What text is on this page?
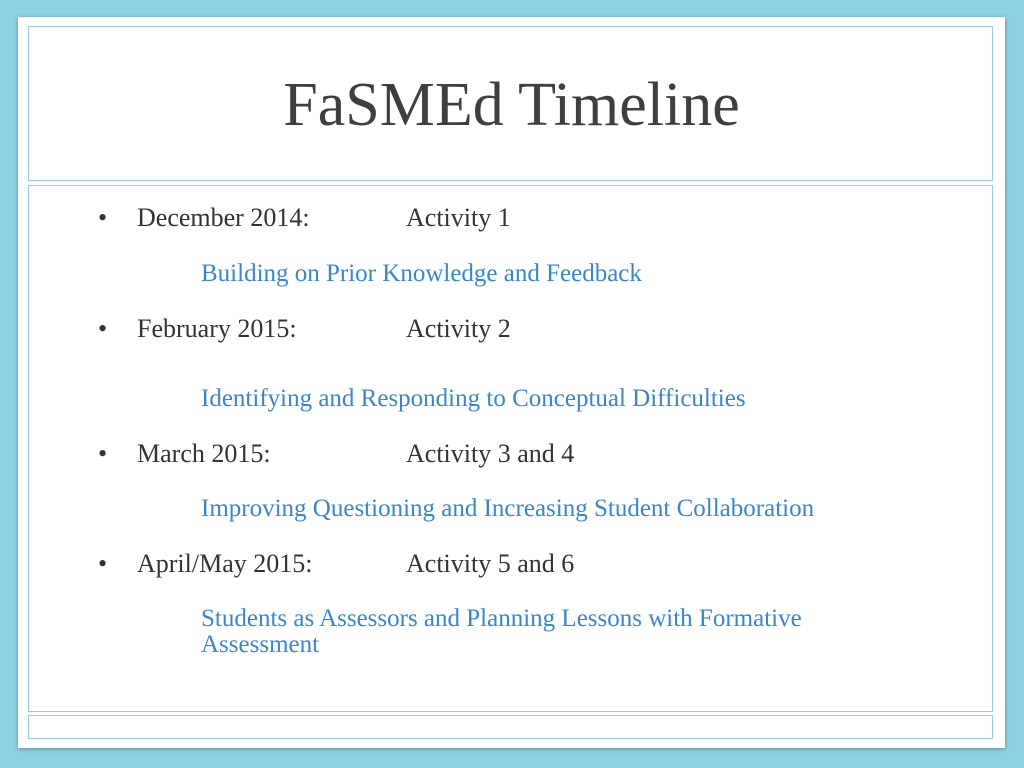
FaSMEd Timeline
• December 2014:	Activity 1
Building on Prior Knowledge and Feedback
• February 2015:	Activity 2
Identifying and Responding to Conceptual Difficulties
• March 2015:	Activity 3 and 4
Improving Questioning and Increasing Student Collaboration
• April/May 2015:	Activity 5 and 6
Students as Assessors and Planning Lessons with Formative Assessment
